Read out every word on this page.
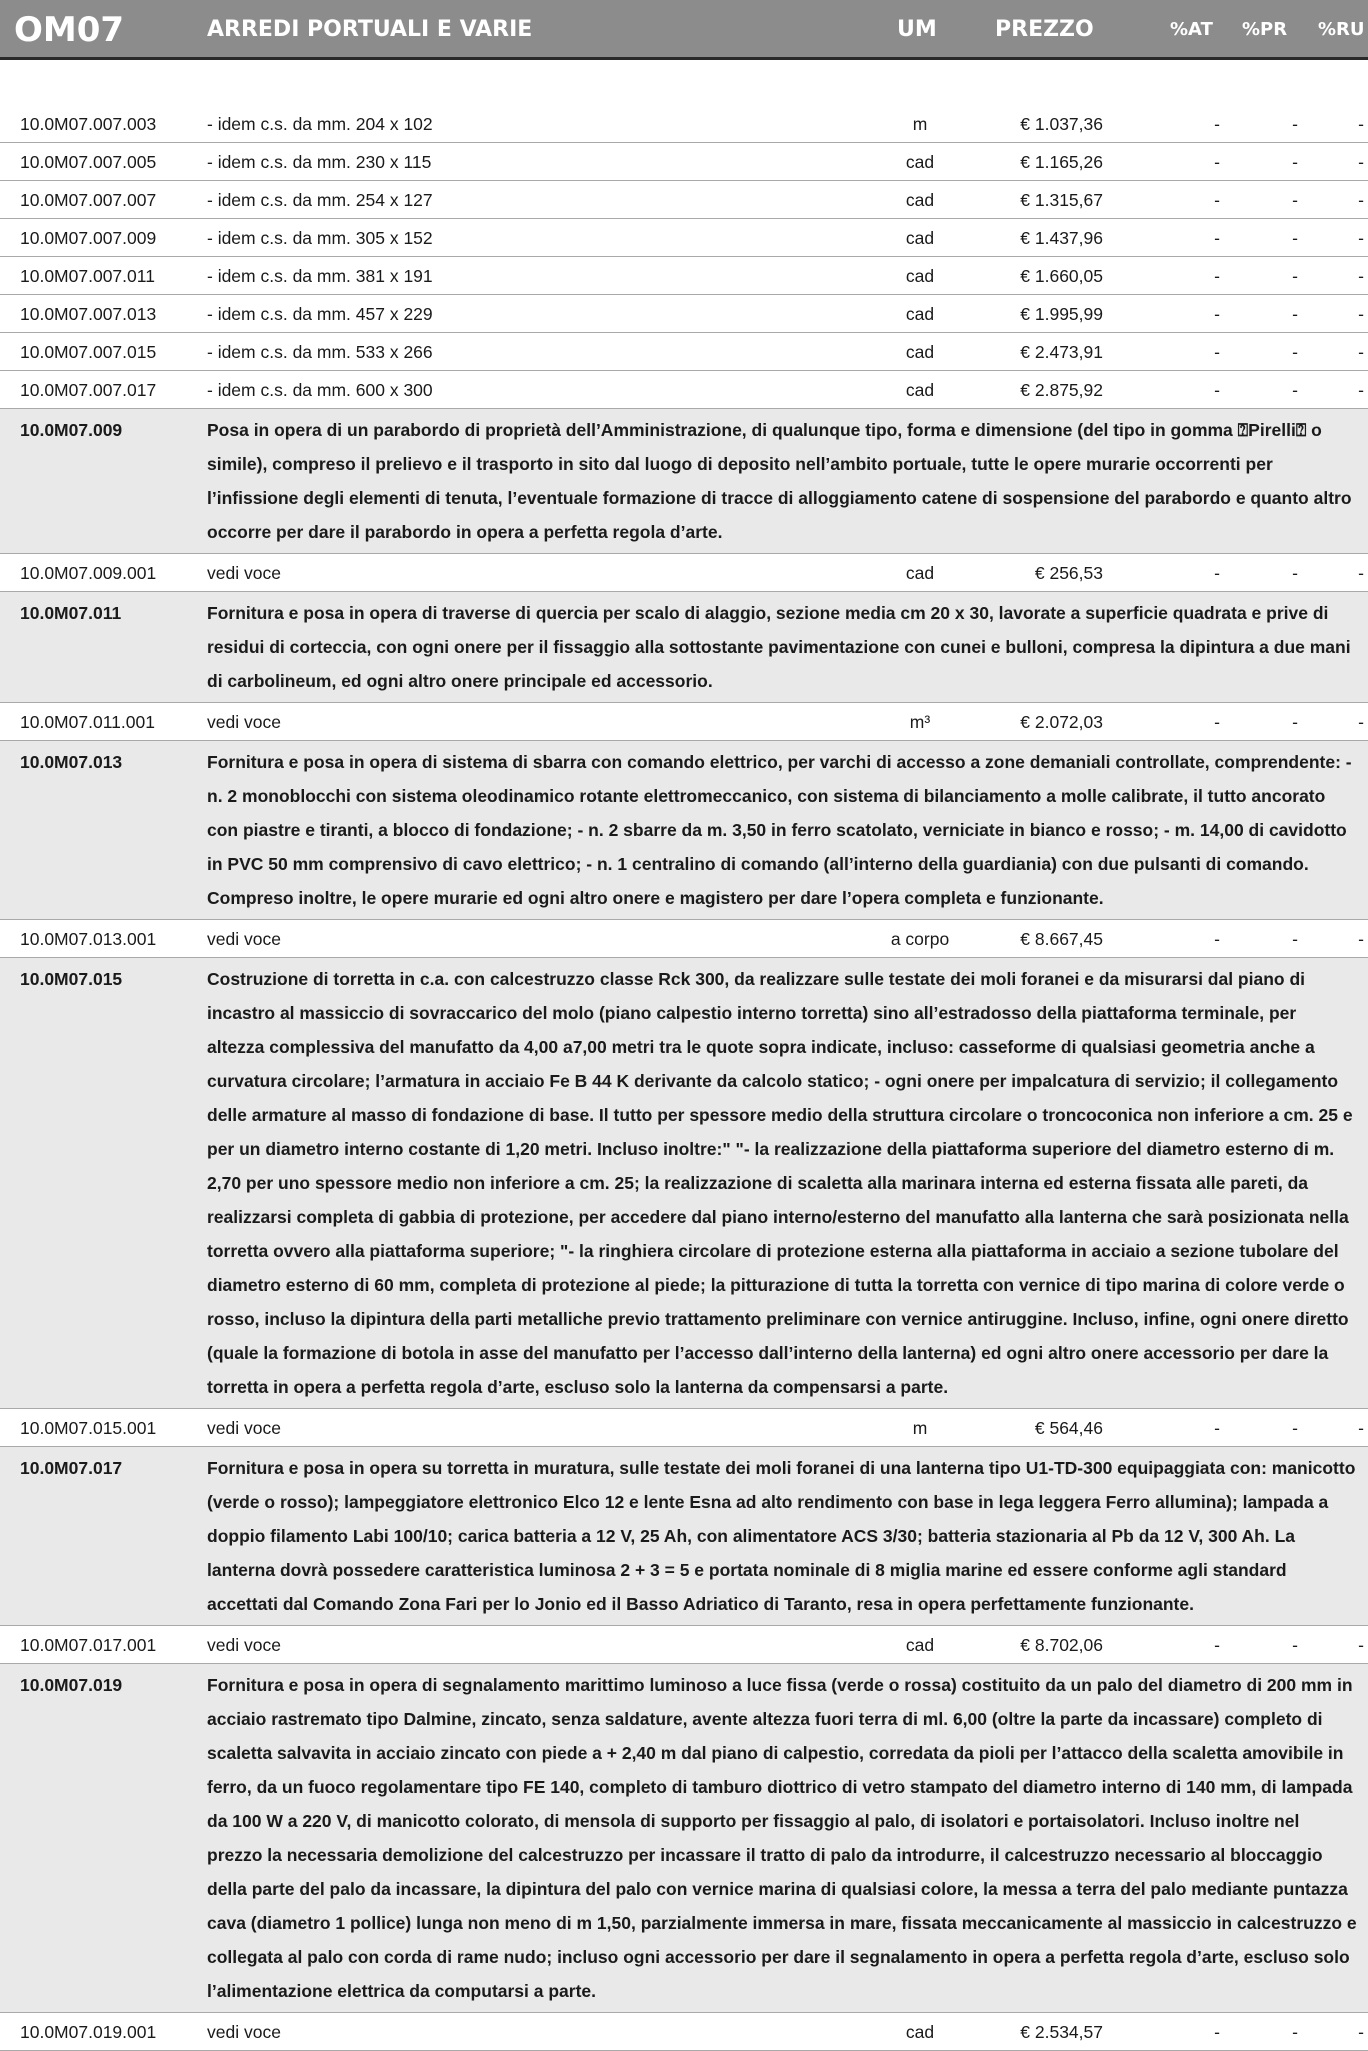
OM07	ARREDI PORTUALI E VARIE	UM	PREZZO	%AT %PR %RU
10.0M07.007.003	- idem c.s. da mm. 204 x 102	m	€ 1.037,36	-	-	-
10.0M07.007.005	- idem c.s. da mm. 230 x 115	cad	€ 1.165,26	-	-	-
10.0M07.007.007	- idem c.s. da mm. 254 x 127	cad	€ 1.315,67	-	-	-
10.0M07.007.009	- idem c.s. da mm. 305 x 152	cad	€ 1.437,96	-	-	-
10.0M07.007.011	- idem c.s. da mm. 381 x 191	cad	€ 1.660,05	-	-	-
10.0M07.007.013	- idem c.s. da mm. 457 x 229	cad	€ 1.995,99	-	-	-
10.0M07.007.015	- idem c.s. da mm. 533 x 266	cad	€ 2.473,91	-	-	-
10.0M07.007.017	- idem c.s. da mm. 600 x 300	cad	€ 2.875,92	-	-	-
10.0M07.009	Posa in opera di un parabordo di proprietà dell’Amministrazione, di qualunque tipo, forma e dimensione (del tipo in gomma ⍰Pirelli⍰ o simile), compreso il prelievo e il trasporto in sito dal luogo di deposito nell’ambito portuale, tutte le opere murarie occorrenti per l’infissione degli elementi di tenuta, l’eventuale formazione di tracce di alloggiamento catene di sospensione del parabordo e quanto altro occorre per dare il parabordo in opera a perfetta regola d’arte.
10.0M07.009.001	vedi voce	cad	€ 256,53	-	-	-
10.0M07.011	Fornitura e posa in opera di traverse di quercia per scalo di alaggio, sezione media cm 20 x 30, lavorate a superficie quadrata e prive di residui di corteccia, con ogni onere per il fissaggio alla sottostante pavimentazione con cunei e bulloni, compresa la dipintura a due mani di carbolineum, ed ogni altro onere principale ed accessorio.
10.0M07.011.001	vedi voce	m³	€ 2.072,03	-	-	-
10.0M07.013	Fornitura e posa in opera di sistema di sbarra con comando elettrico, per varchi di accesso a zone demaniali controllate, comprendente: - n. 2 monoblocchi con sistema oleodinamico rotante elettromeccanico, con sistema di bilanciamento a molle calibrate, il tutto ancorato con piastre e tiranti, a blocco di fondazione; - n. 2 sbarre da m. 3,50 in ferro scatolato, verniciate in bianco e rosso; - m. 14,00 di cavidotto in PVC 50 mm comprensivo di cavo elettrico; - n. 1 centralino di comando (all’interno della guardiania) con due pulsanti di comando. Compreso inoltre, le opere murarie ed ogni altro onere e magistero per dare l’opera completa e funzionante.
10.0M07.013.001	vedi voce	a corpo	€ 8.667,45	-	-	-
10.0M07.015	Costruzione di torretta in c.a. con calcestruzzo classe Rck 300, da realizzare sulle testate dei moli foranei e da misurarsi dal piano di incastro al massiccio di sovraccarico del molo (piano calpestio interno torretta) sino all’estradosso della piattaforma terminale, per altezza complessiva del manufatto da 4,00 a7,00 metri tra le quote sopra indicate, incluso: casseforme di qualsiasi geometria anche a curvatura circolare; l’armatura in acciaio Fe B 44 K derivante da calcolo statico; - ogni onere per impalcatura di servizio; il collegamento delle armature al masso di fondazione di base. Il tutto per spessore medio della struttura circolare o troncoconica non inferiore a cm. 25 e per un diametro interno costante di 1,20 metri. Incluso inoltre:" "- la realizzazione della piattaforma superiore del diametro esterno di m. 2,70 per uno spessore medio non inferiore a cm. 25; la realizzazione di scaletta alla marinara interna ed esterna fissata alle pareti, da realizzarsi completa di gabbia di protezione, per accedere dal piano interno/esterno del manufatto alla lanterna che sarà posizionata nella torretta ovvero alla piattaforma superiore; "- la ringhiera circolare di protezione esterna alla piattaforma in acciaio a sezione tubolare del diametro esterno di 60 mm, completa di protezione al piede; la pitturazione di tutta la torretta con vernice di tipo marina di colore verde o rosso, incluso la dipintura della parti metalliche previo trattamento preliminare con vernice antiruggine. Incluso, infine, ogni onere diretto (quale la formazione di botola in asse del manufatto per l’accesso dall’interno della lanterna) ed ogni altro onere accessorio per dare la torretta in opera a perfetta regola d’arte, escluso solo la lanterna da compensarsi a parte.
10.0M07.015.001	vedi voce	m	€ 564,46	-	-	-
10.0M07.017	Fornitura e posa in opera su torretta in muratura, sulle testate dei moli foranei di una lanterna tipo U1-TD-300 equipaggiata con: manicotto (verde o rosso); lampeggiatore elettronico Elco 12 e lente Esna ad alto rendimento con base in lega leggera Ferro allumina); lampada a doppio filamento Labi 100/10; carica batteria a 12 V, 25 Ah, con alimentatore ACS 3/30; batteria stazionaria al Pb da 12 V, 300 Ah. La lanterna dovrà possedere caratteristica luminosa 2 + 3 = 5 e portata nominale di 8 miglia marine ed essere conforme agli standard accettati dal Comando Zona Fari per lo Jonio ed il Basso Adriatico di Taranto, resa in opera perfettamente funzionante.
10.0M07.017.001	vedi voce	cad	€ 8.702,06	-	-	-
10.0M07.019	Fornitura e posa in opera di segnalamento marittimo luminoso a luce fissa (verde o rossa) costituito da un palo del diametro di 200 mm in acciaio rastremato tipo Dalmine, zincato, senza saldature, avente altezza fuori terra di ml. 6,00 (oltre la parte da incassare) completo di scaletta salvavita in acciaio zincato con piede a + 2,40 m dal piano di calpestio, corredata da pioli per l’attacco della scaletta amovibile in ferro, da un fuoco regolamentare tipo FE 140, completo di tamburo diottrico di vetro stampato del diametro interno di 140 mm, di lampada da 100 W a 220 V, di manicotto colorato, di mensola di supporto per fissaggio al palo, di isolatori e portaisolatori. Incluso inoltre nel prezzo la necessaria demolizione del calcestruzzo per incassare il tratto di palo da introdurre, il calcestruzzo necessario al bloccaggio della parte del palo da incassare, la dipintura del palo con vernice marina di qualsiasi colore, la messa a terra del palo mediante puntazza cava (diametro 1 pollice) lunga non meno di m 1,50, parzialmente immersa in mare, fissata meccanicamente al massiccio in calcestruzzo e collegata al palo con corda di rame nudo; incluso ogni accessorio per dare il segnalamento in opera a perfetta regola d’arte, escluso solo l’alimentazione elettrica da computarsi a parte.
10.0M07.019.001	vedi voce	cad	€ 2.534,57	-	-	-
